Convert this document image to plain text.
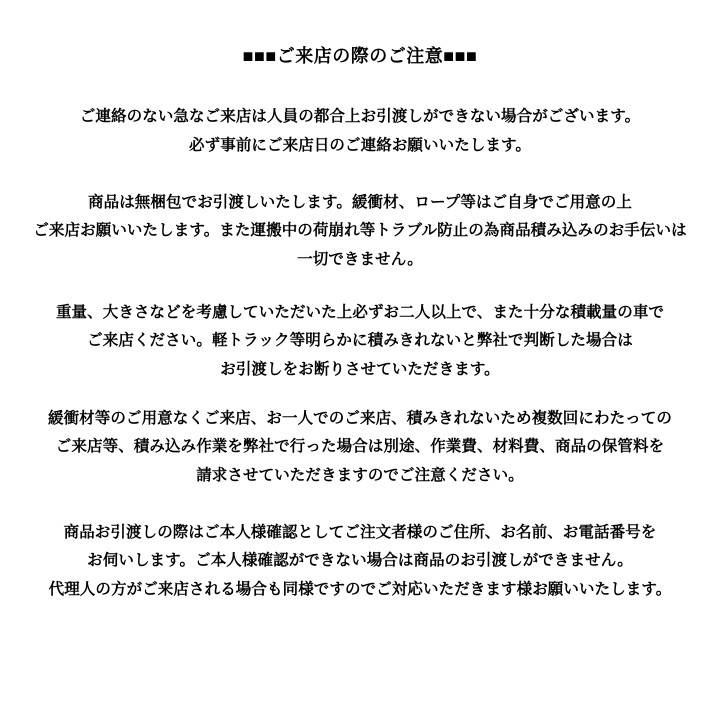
■■■ご来店の際のご注意■■■
ご連絡のない急なご来店は人員の都合上お引渡しができない場合がございます。
必ず事前にご来店日のご連絡お願いいたします。
商品は無梱包でお引渡しいたします。緩衝材、ロープ等はご自身でご用意の上
ご来店お願いいたします。また運搬中の荷崩れ等トラブル防止の為商品積み込みのお手伝いは
一切できません。
重量、大きさなどを考慮していただいた上必ずお二人以上で、また十分な積載量の車で
ご来店ください。軽トラック等明らかに積みきれないと弊社で判断した場合は
お引渡しをお断りさせていただきます。
緩衝材等のご用意なくご来店、お一人でのご来店、積みきれないため複数回にわたっての
ご来店等、積み込み作業を弊社で行った場合は別途、作業費、材料費、商品の保管料を
請求させていただきますのでご注意ください。
商品お引渡しの際はご本人様確認としてご注文者様のご住所、お名前、お電話番号を
お伺いします。ご本人様確認ができない場合は商品のお引渡しができません。
代理人の方がご来店される場合も同様ですのでご対応いただきます様お願いいたします。
